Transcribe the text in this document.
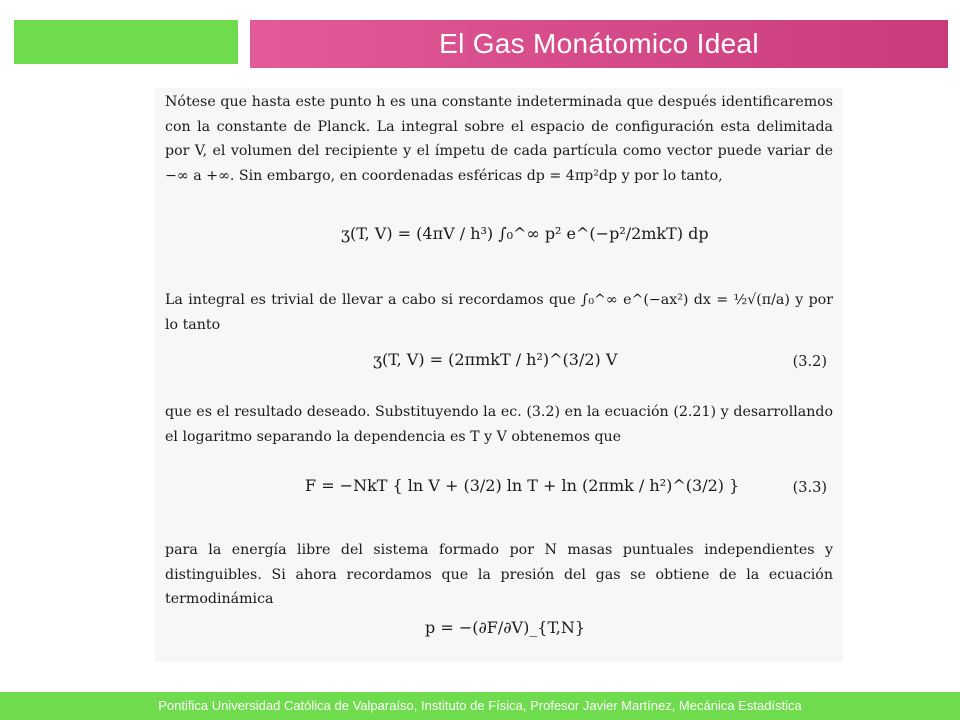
El Gas Monátomico Ideal

Nótese que hasta este punto h es una constante indeterminada que después identificaremos con la constante de Planck. La integral sobre el espacio de configuración esta delimitada por V, el volumen del recipiente y el ímpetu de cada partícula como vector puede variar de −∞ a +∞. Sin embargo, en coordenadas esféricas dp = 4πp²dp y por lo tanto,

ʒ(T, V) = (4πV / h³) ∫₀^∞ p² e^(−p²/2mkT) dp

La integral es trivial de llevar a cabo si recordamos que ∫₀^∞ e^(−ax²) dx = ½√(π/a) y por lo tanto

ʒ(T, V) = (2πmkT / h²)^(3/2) V	(3.2)

que es el resultado deseado. Substituyendo la ec. (3.2) en la ecuación (2.21) y desarrollando el logaritmo separando la dependencia es T y V obtenemos que

F = −NkT { ln V + (3/2) ln T + ln (2πmk / h²)^(3/2) }	(3.3)

para la energía libre del sistema formado por N masas puntuales independientes y distinguibles. Si ahora recordamos que la presión del gas se obtiene de la ecuación termodinámica

p = −(∂F/∂V)_{T,N}
Pontifica Universidad Católica de Valparaíso, Instituto de Física, Profesor Javier Martínez, Mecánica Estadística
